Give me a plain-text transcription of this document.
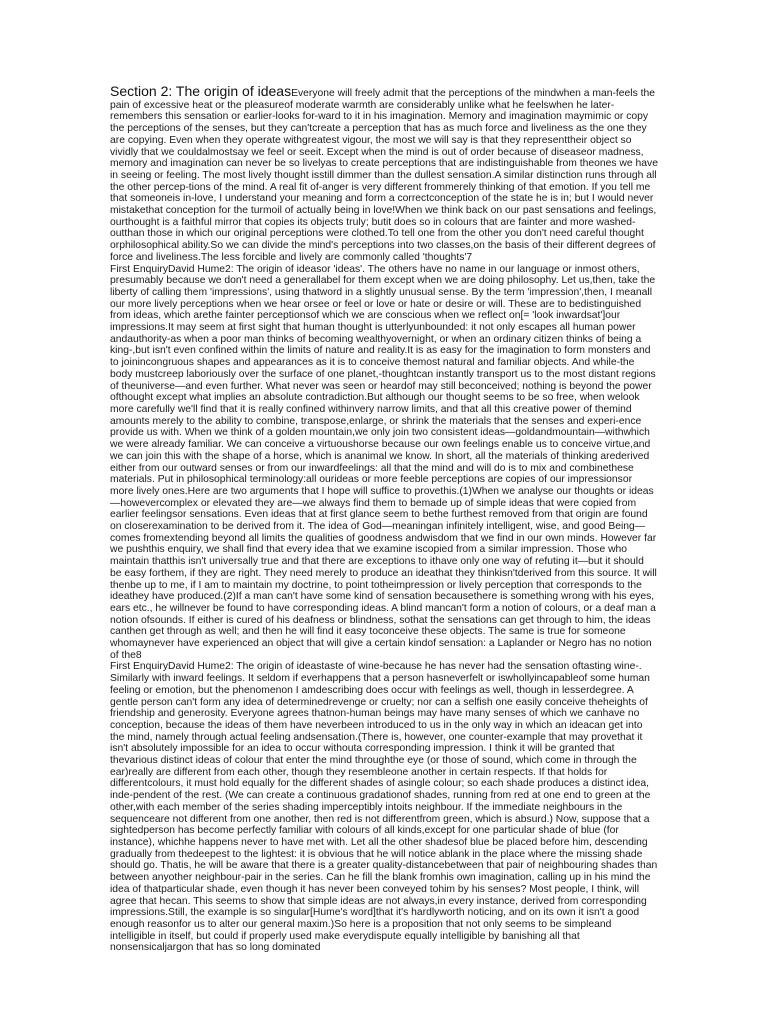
Section 2: The origin of ideasEveryone will freely admit that the perceptions of the mindwhen a man-feels the pain of excessive heat or the pleasureof moderate warmth are considerably unlike what he feelswhen he later-remembers this sensation or earlier-looks for-ward to it in his imagination. Memory and imagination maymimic or copy the perceptions of the senses, but they can'tcreate a perception that has as much force and liveliness as the one they are copying. Even when they operate withgreatest vigour, the most we will say is that they representtheir object so vividly that we couldalmostsay we feel or seeit. Except when the mind is out of order because of diseaseor madness, memory and imagination can never be so livelyas to create perceptions that are indistinguishable from theones we have in seeing or feeling. The most lively thought isstill dimmer than the dullest sensation.A similar distinction runs through all the other percep-tions of the mind. A real fit of-anger is very different frommerely thinking of that emotion. If you tell me that someoneis in-love, I understand your meaning and form a correctconception of the state he is in; but I would never mistakethat conception for the turmoil of actually being in love!When we think back on our past sensations and feelings, ourthought is a faithful mirror that copies its objects truly; butit does so in colours that are fainter and more washed-outthan those in which our original perceptions were clothed.To tell one from the other you don't need careful thought orphilosophical ability.So we can divide the mind's perceptions into two classes,on the basis of their different degrees of force and liveliness.The less forcible and lively are commonly called 'thoughts'7

First EnquiryDavid Hume2: The origin of ideasor 'ideas'. The others have no name in our language or inmost others, presumably because we don't need a generallabel for them except when we are doing philosophy. Let us,then, take the liberty of calling them 'impressions', using thatword in a slightly unusual sense. By the term 'impression',then, I meanall our more lively perceptions when we hear orsee or feel or love or hate or desire or will. These are to bedistinguished from ideas, which arethe fainter perceptionsof which we are conscious when we reflect on[= 'look inwardsat']our impressions.It may seem at first sight that human thought is utterlyunbounded: it not only escapes all human power andauthority-as when a poor man thinks of becoming wealthyovernight, or when an ordinary citizen thinks of being a king-,but isn't even confined within the limits of nature and reality.It is as easy for the imagination to form monsters and to joinincongruous shapes and appearances as it is to conceive themost natural and familiar objects. And while-the body mustcreep laboriously over the surface of one planet,-thoughtcan instantly transport us to the most distant regions of theuniverse—and even further. What never was seen or heardof may still beconceived; nothing is beyond the power ofthought except what implies an absolute contradiction.But although our thought seems to be so free, when welook more carefully we'll find that it is really confined withinvery narrow limits, and that all this creative power of themind amounts merely to the ability to combine, transpose,enlarge, or shrink the materials that the senses and experi-ence provide us with. When we think of a golden mountain,we only join two consistent ideas—goldandmountain—withwhich we were already familiar. We can conceive a virtuoushorse because our own feelings enable us to conceive virtue,and we can join this with the shape of a horse, which is ananimal we know. In short, all the materials of thinking arederived either from our outward senses or from our inwardfeelings: all that the mind and will do is to mix and combinethese materials. Put in philosophical terminology:all ourideas or more feeble perceptions are copies of our impressionsor more lively ones.Here are two arguments that I hope will suffice to provethis.(1)When we analyse our thoughts or ideas—howevercomplex or elevated they are—we always find them to bemade up of simple ideas that were copied from earlier feelingsor sensations. Even ideas that at first glance seem to bethe furthest removed from that origin are found on closerexamination to be derived from it. The idea of God—meaningan infinitely intelligent, wise, and good Being—comes fromextending beyond all limits the qualities of goodness andwisdom that we find in our own minds. However far we pushthis enquiry, we shall find that every idea that we examine iscopied from a similar impression. Those who maintain thatthis isn't universally true and that there are exceptions to ithave only one way of refuting it—but it should be easy forthem, if they are right. They need merely to produce an ideathat they thinkisn'tderived from this source. It will thenbe up to me, if I am to maintain my doctrine, to point totheimpression or lively perception that corresponds to the ideathey have produced.(2)If a man can't have some kind of sensation becausethere is something wrong with his eyes, ears etc., he willnever be found to have corresponding ideas. A blind mancan't form a notion of colours, or a deaf man a notion ofsounds. If either is cured of his deafness or blindness, sothat the sensations can get through to him, the ideas canthen get through as well; and then he will find it easy toconceive these objects. The same is true for someone whomaynever have experienced an object that will give a certain kindof sensation: a Laplander or Negro has no notion of the8

First EnquiryDavid Hume2: The origin of ideastaste of wine-because he has never had the sensation oftasting wine-. Similarly with inward feelings. It seldom if everhappens that a person hasneverfelt or iswhollyincapableof some human feeling or emotion, but the phenomenon I amdescribing does occur with feelings as well, though in lesserdegree. A gentle person can't form any idea of determinedrevenge or cruelty; nor can a selfish one easily conceive theheights of friendship and generosity. Everyone agrees thatnon-human beings may have many senses of which we canhave no conception, because the ideas of them have neverbeen introduced to us in the only way in which an ideacan get into the mind, namely through actual feeling andsensation.(There is, however, one counter-example that may provethat it isn't absolutely impossible for an idea to occur withouta corresponding impression. I think it will be granted that thevarious distinct ideas of colour that enter the mind throughthe eye (or those of sound, which come in through the ear)really are different from each other, though they resembleone another in certain respects. If that holds for differentcolours, it must hold equally for the different shades of asingle colour; so each shade produces a distinct idea, inde-pendent of the rest. (We can create a continuous gradationof shades, running from red at one end to green at the other,with each member of the series shading imperceptibly intoits neighbour. If the immediate neighbours in the sequenceare not different from one another, then red is not differentfrom green, which is absurd.) Now, suppose that a sightedperson has become perfectly familiar with colours of all kinds,except for one particular shade of blue (for instance), whichhe happens never to have met with. Let all the other shadesof blue be placed before him, descending gradually from thedeepest to the lightest: it is obvious that he will notice ablank in the place where the missing shade should go. Thatis, he will be aware that there is a greater quality-distancebetween that pair of neighbouring shades than between anyother neighbour-pair in the series. Can he fill the blank fromhis own imagination, calling up in his mind the idea of thatparticular shade, even though it has never been conveyed tohim by his senses? Most people, I think, will agree that hecan. This seems to show that simple ideas are not always,in every instance, derived from corresponding impressions.Still, the example is so singular[Hume's word]that it's hardlyworth noticing, and on its own it isn't a good enough reasonfor us to alter our general maxim.)So here is a proposition that not only seems to be simpleand intelligible in itself, but could if properly used make everydispute equally intelligible by banishing all that nonsensicaljargon that has so long dominated
